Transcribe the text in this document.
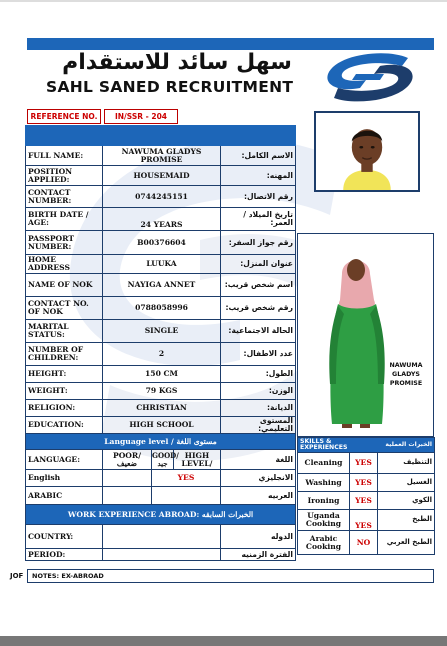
سهل سائد للاستقدام
SAHL SANED RECRUITMENT
REFERENCE NO.	IN/SSR - 204
NAWUMA GLADYS PROMISE

FULL NAME:	NAWUMA GLADYS PROMISE			الاسم الكامل:
POSITION APPLIED:	HOUSEMAID			المهنه:
CONTACT NUMBER:	0744245151			رقم الاتصال:
BIRTH DATE / AGE:	24 YEARS			تاريخ الميلاد / العمر:
PASSPORT NUMBER:	B00376604			رقم جواز السفر:
HOME ADDRESS	LUUKA			عنوان المنزل:
NAME OF NOK	NAYIGA ANNET			اسم شخص قريب:
CONTACT NO. OF NOK	0788058996			رقم شخص قريب:
MARITAL STATUS:	SINGLE			الحالة الاجتماعية:
NUMBER OF CHILDREN:	2			عدد الاطفال:
HEIGHT:	150 CM			الطول:
WEIGHT:	79 KGS			الوزن:
RELIGION:	CHRISTIAN			الديانة:
EDUCATION:	HIGH SCHOOL			المستوى التعليمي:
Language level / مستوى اللغة				
LANGUAGE:	POOR/ ضعيف	GOOD/ جيد	HIGH LEVEL/	اللغة
English		YES		الانجليزي
ARABIC				العربيه
WORK EXPERIENCE ABROAD: الخبرات السابقه				
COUNTRY:				الدوله
PERIOD:				الفترة الزمنيه
SKILLS & EXPERIENCES		الخبرات العملية
Cleaning	YES	التنظيف
Washing	YES	الغسيل
Ironing	YES	الكوي
Uganda Cooking	YES	الطبخ
Arabic Cooking	NO	الطبخ العربي
JOF	NOTES: EX-ABROAD
